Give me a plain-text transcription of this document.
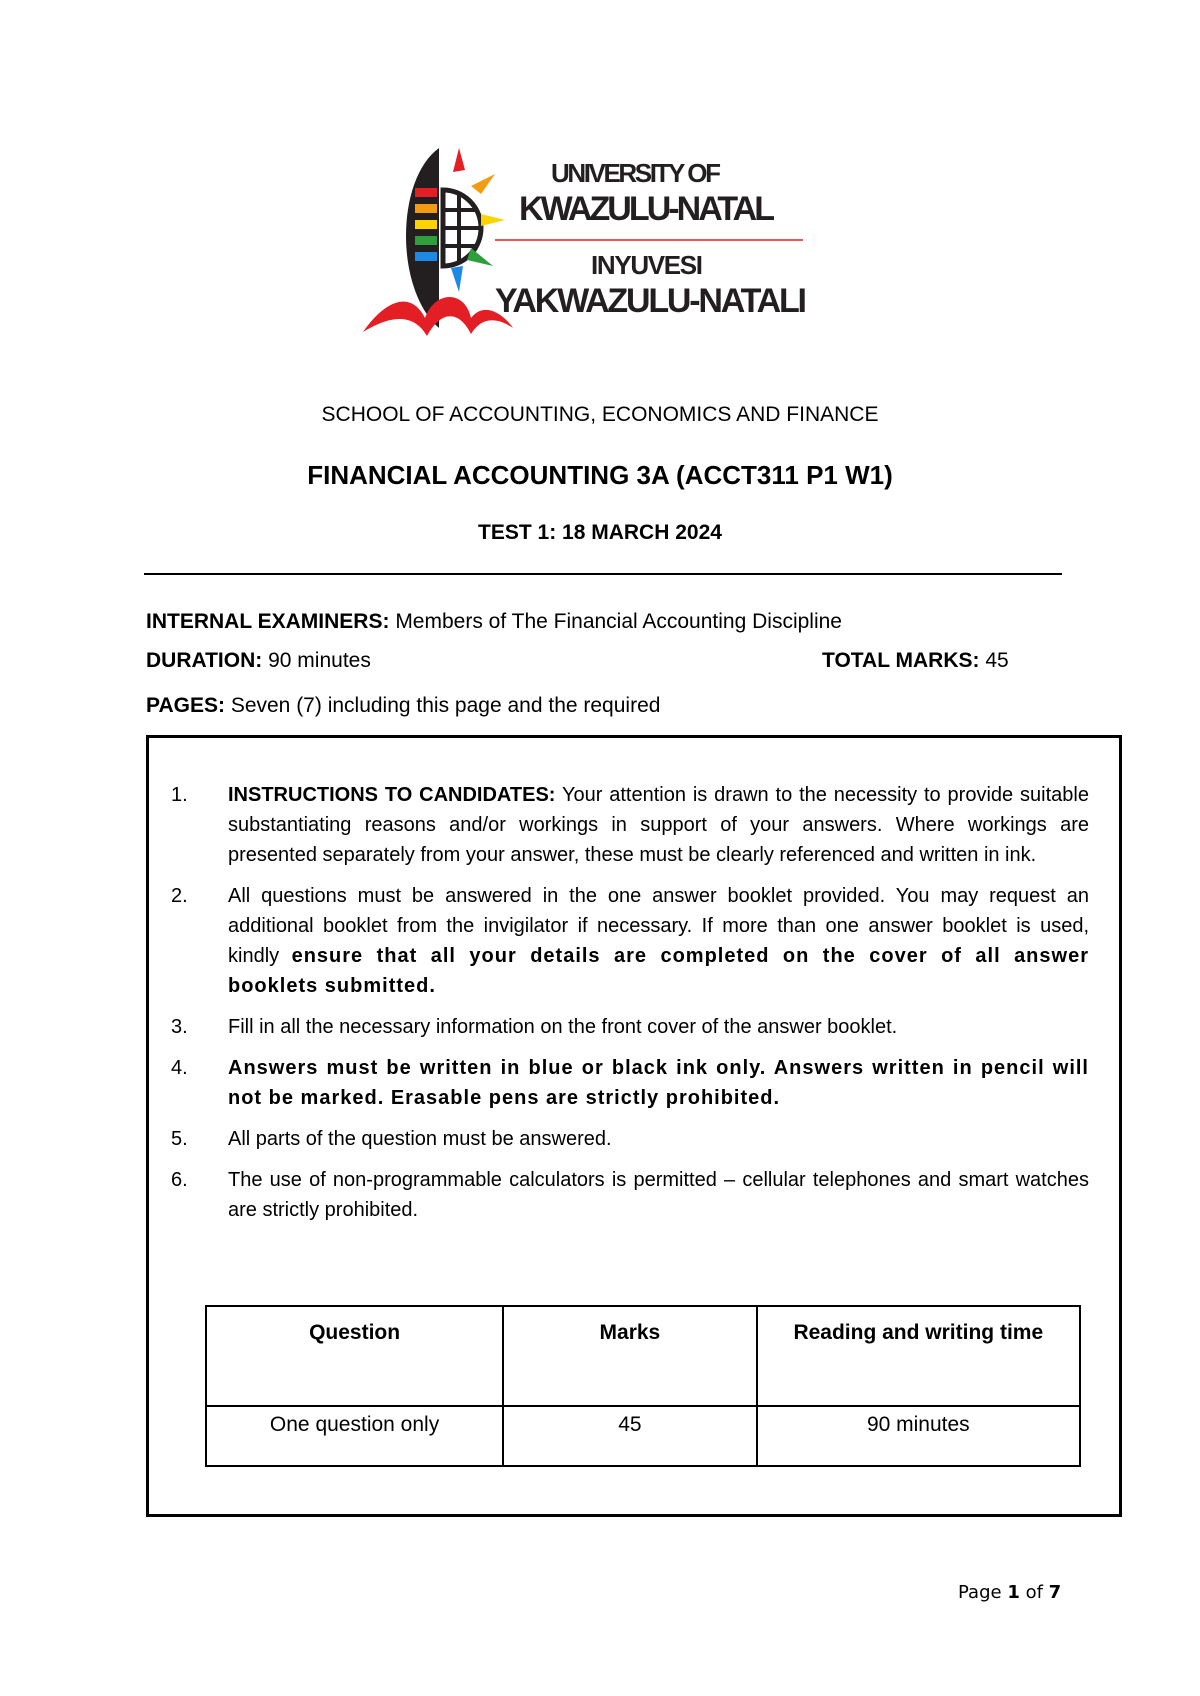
UNIVERSITY OF
KWAZULU-NATAL
INYUVESI
YAKWAZULU-NATALI
SCHOOL OF ACCOUNTING, ECONOMICS AND FINANCE
FINANCIAL ACCOUNTING 3A (ACCT311 P1 W1)
TEST 1: 18 MARCH 2024
INTERNAL EXAMINERS: Members of The Financial Accounting Discipline
DURATION: 90 minutes	TOTAL MARKS: 45
PAGES: Seven (7) including this page and the required
1. INSTRUCTIONS TO CANDIDATES: Your attention is drawn to the necessity to provide suitable substantiating reasons and/or workings in support of your answers. Where workings are presented separately from your answer, these must be clearly referenced and written in ink.
2. All questions must be answered in the one answer booklet provided. You may request an additional booklet from the invigilator if necessary. If more than one answer booklet is used, kindly ensure that all your details are completed on the cover of all answer booklets submitted.
3. Fill in all the necessary information on the front cover of the answer booklet.
4. Answers must be written in blue or black ink only. Answers written in pencil will not be marked. Erasable pens are strictly prohibited.
5. All parts of the question must be answered.
6. The use of non-programmable calculators is permitted – cellular telephones and smart watches are strictly prohibited.
Question	Marks	Reading and writing time
One question only	45	90 minutes
Page 1 of 7
